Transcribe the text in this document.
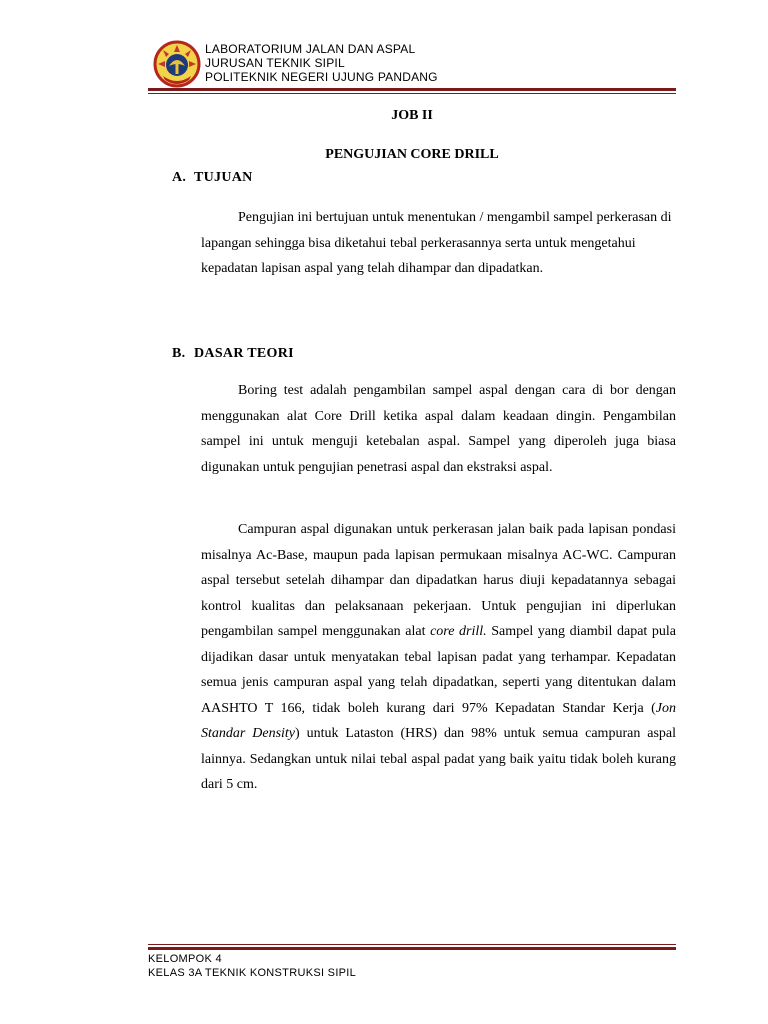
LABORATORIUM JALAN DAN ASPAL
JURUSAN TEKNIK SIPIL
POLITEKNIK NEGERI UJUNG PANDANG
JOB II
PENGUJIAN CORE DRILL
A. TUJUAN
Pengujian ini bertujuan untuk menentukan / mengambil sampel perkerasan di lapangan sehingga bisa diketahui tebal perkerasannya serta untuk mengetahui kepadatan lapisan aspal yang telah dihampar dan dipadatkan.
B. DASAR TEORI
Boring test adalah pengambilan sampel aspal dengan cara di bor dengan menggunakan alat Core Drill ketika aspal dalam keadaan dingin. Pengambilan sampel ini untuk menguji ketebalan aspal. Sampel yang diperoleh juga biasa digunakan untuk pengujian penetrasi aspal dan ekstraksi aspal.
Campuran aspal digunakan untuk perkerasan jalan baik pada lapisan pondasi misalnya Ac-Base, maupun pada lapisan permukaan misalnya AC-WC. Campuran aspal tersebut setelah dihampar dan dipadatkan harus diuji kepadatannya sebagai kontrol kualitas dan pelaksanaan pekerjaan. Untuk pengujian ini diperlukan pengambilan sampel menggunakan alat core drill. Sampel yang diambil dapat pula dijadikan dasar untuk menyatakan tebal lapisan padat yang terhampar. Kepadatan semua jenis campuran aspal yang telah dipadatkan, seperti yang ditentukan dalam AASHTO T 166, tidak boleh kurang dari 97% Kepadatan Standar Kerja (Jon Standar Density) untuk Lataston (HRS) dan 98% untuk semua campuran aspal lainnya. Sedangkan untuk nilai tebal aspal padat yang baik yaitu tidak boleh kurang dari 5 cm.
KELOMPOK 4
KELAS 3A TEKNIK KONSTRUKSI SIPIL
